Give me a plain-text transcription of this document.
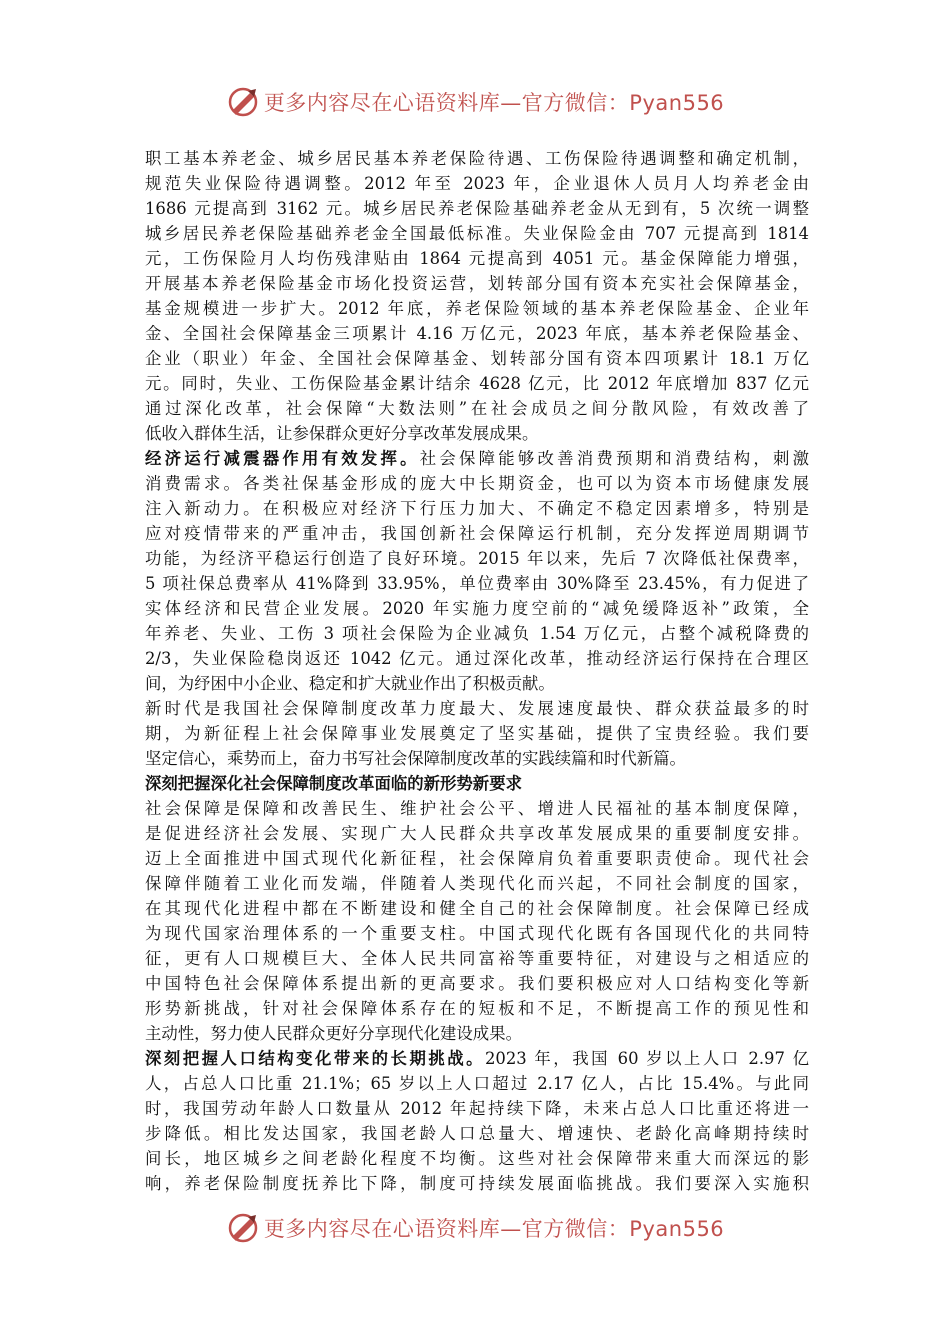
更多内容尽在心语资料库—官方微信：Pyan556
职工基本养老金、城乡居民基本养老保险待遇、工伤保险待遇调整和确定机制，
规范失业保险待遇调整。2012 年至 2023 年，企业退休人员月人均养老金由
1686 元提高到 3162 元。城乡居民养老保险基础养老金从无到有，5 次统一调整
城乡居民养老保险基础养老金全国最低标准。失业保险金由 707 元提高到 1814
元，工伤保险月人均伤残津贴由 1864 元提高到 4051 元。基金保障能力增强，
开展基本养老保险基金市场化投资运营，划转部分国有资本充实社会保障基金，
基金规模进一步扩大。2012 年底，养老保险领域的基本养老保险基金、企业年
金、全国社会保障基金三项累计 4.16 万亿元，2023 年底，基本养老保险基金、
企业（职业）年金、全国社会保障基金、划转部分国有资本四项累计 18.1 万亿
元。同时，失业、工伤保险基金累计结余 4628 亿元，比 2012 年底增加 837 亿元
通过深化改革，社会保障“大数法则”在社会成员之间分散风险，有效改善了
低收入群体生活，让参保群众更好分享改革发展成果。
经济运行减震器作用有效发挥。社会保障能够改善消费预期和消费结构，刺激
消费需求。各类社保基金形成的庞大中长期资金，也可以为资本市场健康发展
注入新动力。在积极应对经济下行压力加大、不确定不稳定因素增多，特别是
应对疫情带来的严重冲击，我国创新社会保障运行机制，充分发挥逆周期调节
功能，为经济平稳运行创造了良好环境。2015 年以来，先后 7 次降低社保费率，
5 项社保总费率从 41%降到 33.95%，单位费率由 30%降至 23.45%，有力促进了
实体经济和民营企业发展。2020 年实施力度空前的“减免缓降返补”政策，全
年养老、失业、工伤 3 项社会保险为企业减负 1.54 万亿元，占整个减税降费的
2/3，失业保险稳岗返还 1042 亿元。通过深化改革，推动经济运行保持在合理区
间，为纾困中小企业、稳定和扩大就业作出了积极贡献。
新时代是我国社会保障制度改革力度最大、发展速度最快、群众获益最多的时
期，为新征程上社会保障事业发展奠定了坚实基础，提供了宝贵经验。我们要
坚定信心，乘势而上，奋力书写社会保障制度改革的实践续篇和时代新篇。
深刻把握深化社会保障制度改革面临的新形势新要求
社会保障是保障和改善民生、维护社会公平、增进人民福祉的基本制度保障，
是促进经济社会发展、实现广大人民群众共享改革发展成果的重要制度安排。
迈上全面推进中国式现代化新征程，社会保障肩负着重要职责使命。现代社会
保障伴随着工业化而发端，伴随着人类现代化而兴起，不同社会制度的国家，
在其现代化进程中都在不断建设和健全自己的社会保障制度。社会保障已经成
为现代国家治理体系的一个重要支柱。中国式现代化既有各国现代化的共同特
征，更有人口规模巨大、全体人民共同富裕等重要特征，对建设与之相适应的
中国特色社会保障体系提出新的更高要求。我们要积极应对人口结构变化等新
形势新挑战，针对社会保障体系存在的短板和不足，不断提高工作的预见性和
主动性，努力使人民群众更好分享现代化建设成果。
深刻把握人口结构变化带来的长期挑战。2023 年，我国 60 岁以上人口 2.97 亿
人，占总人口比重 21.1%；65 岁以上人口超过 2.17 亿人，占比 15.4%。与此同
时，我国劳动年龄人口数量从 2012 年起持续下降，未来占总人口比重还将进一
步降低。相比发达国家，我国老龄人口总量大、增速快、老龄化高峰期持续时
间长，地区城乡之间老龄化程度不均衡。这些对社会保障带来重大而深远的影
响，养老保险制度抚养比下降，制度可持续发展面临挑战。我们要深入实施积
更多内容尽在心语资料库—官方微信：Pyan556
